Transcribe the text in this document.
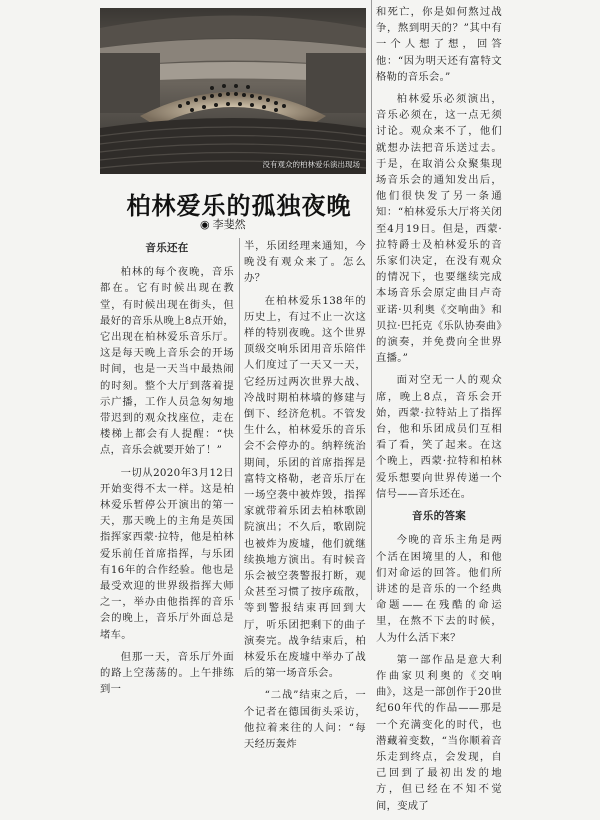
没有观众的柏林爱乐演出现场
柏林爱乐的孤独夜晚
◉ 李斐然
音乐还在

柏林的每个夜晚，音乐都在。它有时候出现在教堂，有时候出现在街头，但最好的音乐从晚上8点开始，它出现在柏林爱乐音乐厅。这是每天晚上音乐会的开场时间，也是一天当中最热闹的时刻。整个大厅到落着提示广播，工作人员急匆匆地带迟到的观众找座位，走在楼梯上都会有人提醒：“快点，音乐会就要开始了！”

一切从2020年3月12日开始变得不太一样。这是柏林爱乐暂停公开演出的第一天，那天晚上的主角是英国指挥家西蒙·拉特，他是柏林爱乐前任首席指挥，与乐团有16年的合作经验。他也是最受欢迎的世界级指挥大师之一，举办由他指挥的音乐会的晚上，音乐厅外面总是堵车。

但那一天，音乐厅外面的路上空荡荡的。上午排练到一

半，乐团经理来通知，今晚没有观众来了。怎么办？

在柏林爱乐138年的历史上，有过不止一次这样的特别夜晚。这个世界顶级交响乐团用音乐陪伴人们度过了一天又一天，它经历过两次世界大战、冷战时期柏林墙的修建与倒下、经济危机。不管发生什么，柏林爱乐的音乐会不会停办的。纳粹统治期间，乐团的首席指挥是富特文格勒，老音乐厅在一场空袭中被炸毁，指挥家就带着乐团去柏林歌剧院演出；不久后，歌剧院也被炸为废墟，他们就继续换地方演出。有时候音乐会被空袭警报打断，观众甚至习惯了按序疏散，等到警报结束再回到大厅，听乐团把剩下的曲子演奏完。战争结束后，柏林爱乐在废墟中举办了战后的第一场音乐会。

“二战”结束之后，一个记者在德国街头采访，他拉着来往的人问：“每天经历轰炸

和死亡，你是如何熬过战争，熬到明天的？”其中有一个人想了想，回答他：“因为明天还有富特文格勒的音乐会。”

柏林爱乐必须演出，音乐必须在，这一点无须讨论。观众来不了，他们就想办法把音乐送过去。于是，在取消公众聚集现场音乐会的通知发出后，他们很快发了另一条通知：“柏林爱乐大厅将关闭至4月19日。但是，西蒙·拉特爵士及柏林爱乐的音乐家们决定，在没有观众的情况下，也要继续完成本场音乐会原定曲目卢奇亚诺·贝利奥《交响曲》和贝拉·巴托克《乐队协奏曲》的演奏，并免费向全世界直播。”

面对空无一人的观众席，晚上8点，音乐会开始，西蒙·拉特站上了指挥台，他和乐团成员们互相看了看，笑了起来。在这个晚上，西蒙·拉特和柏林爱乐想要向世界传递一个信号——音乐还在。

音乐的答案

今晚的音乐主角是两个活在困境里的人，和他们对命运的回答。他们所讲述的是音乐的一个经典命题——在残酷的命运里，在熬不下去的时候，人为什么活下来？

第一部作品是意大利作曲家贝利奥的《交响曲》，这是一部创作于20世纪60年代的作品——那是一个充满变化的时代，也潜藏着变数，“当你顺着音乐走到终点，会发现，自己回到了最初出发的地方，但已经在不知不觉间，变成了
